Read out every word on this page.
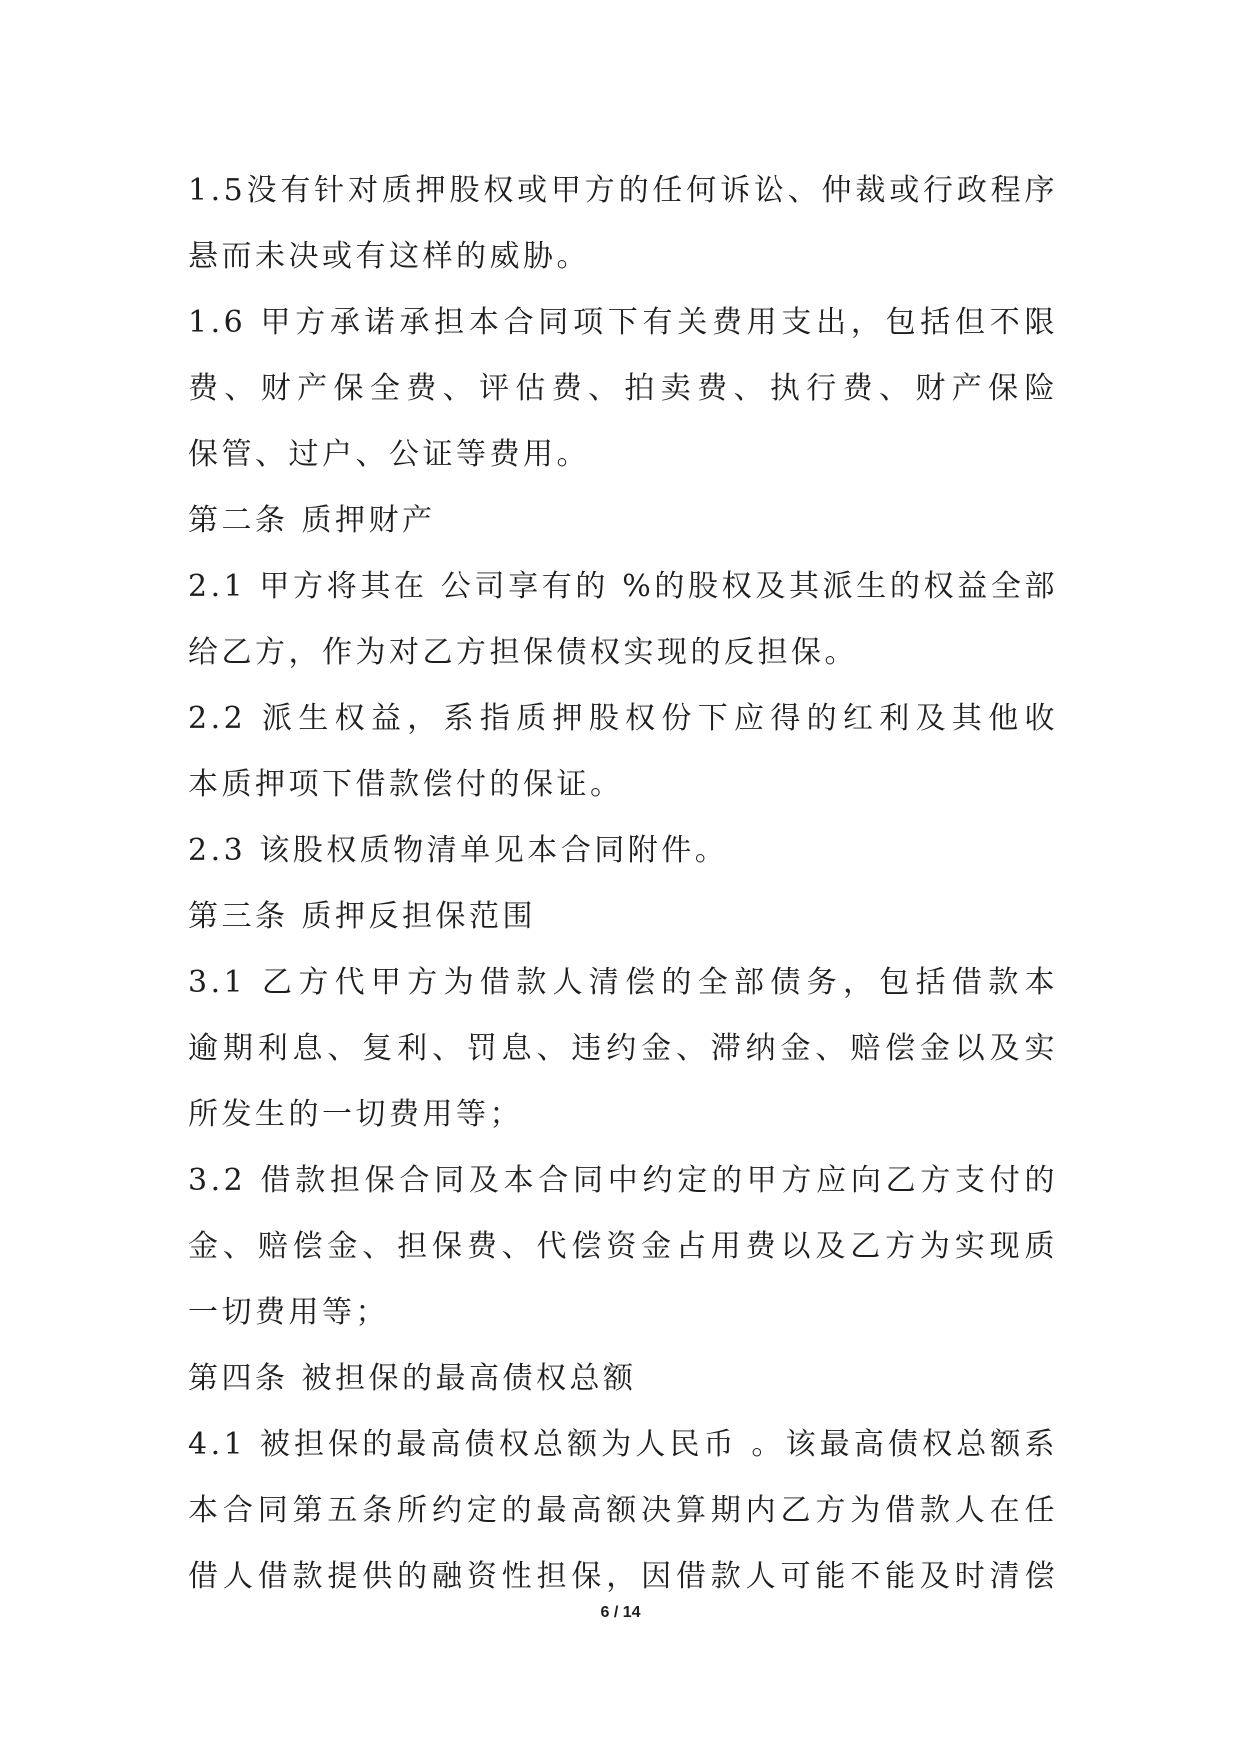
1.5没有针对质押股权或甲方的任何诉讼、仲裁或行政程序
悬而未决或有这样的威胁。
1.6 甲方承诺承担本合同项下有关费用支出，包括但不限
费、财产保全费、评估费、拍卖费、执行费、财产保险
保管、过户、公证等费用。
第二条 质押财产
2.1 甲方将其在 公司享有的 %的股权及其派生的权益全部
给乙方，作为对乙方担保债权实现的反担保。
2.2 派生权益，系指质押股权份下应得的红利及其他收
本质押项下借款偿付的保证。
2.3 该股权质物清单见本合同附件。
第三条 质押反担保范围
3.1 乙方代甲方为借款人清偿的全部债务，包括借款本
逾期利息、复利、罚息、违约金、滞纳金、赔偿金以及实
所发生的一切费用等；
3.2 借款担保合同及本合同中约定的甲方应向乙方支付的
金、赔偿金、担保费、代偿资金占用费以及乙方为实现质
一切费用等；
第四条 被担保的最高债权总额
4.1 被担保的最高债权总额为人民币 。该最高债权总额系
本合同第五条所约定的最高额决算期内乙方为借款人在任
借人借款提供的融资性担保，因借款人可能不能及时清偿
6 / 14
